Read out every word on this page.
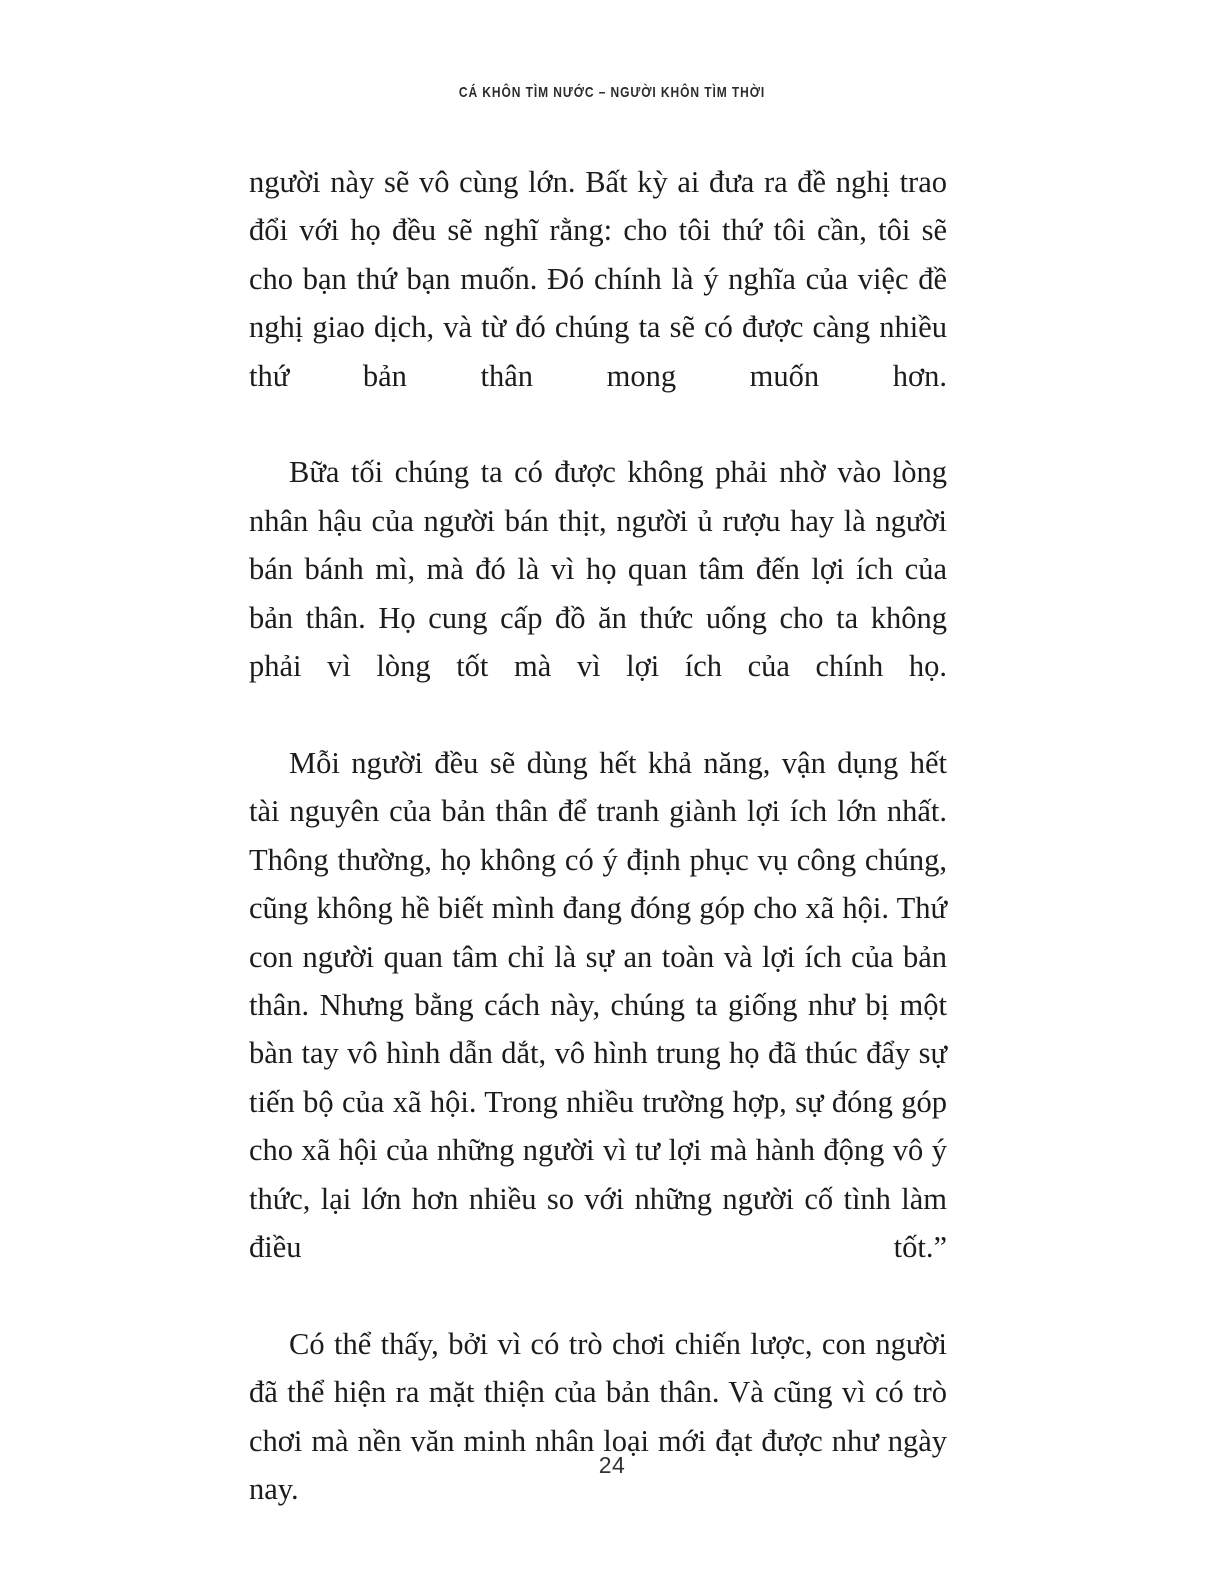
CÁ KHÔN TÌM NƯỚC – NGƯỜI KHÔN TÌM THỜI

người này sẽ vô cùng lớn. Bất kỳ ai đưa ra đề nghị trao đổi với họ đều sẽ nghĩ rằng: cho tôi thứ tôi cần, tôi sẽ cho bạn thứ bạn muốn. Đó chính là ý nghĩa của việc đề nghị giao dịch, và từ đó chúng ta sẽ có được càng nhiều thứ bản thân mong muốn hơn.

Bữa tối chúng ta có được không phải nhờ vào lòng nhân hậu của người bán thịt, người ủ rượu hay là người bán bánh mì, mà đó là vì họ quan tâm đến lợi ích của bản thân. Họ cung cấp đồ ăn thức uống cho ta không phải vì lòng tốt mà vì lợi ích của chính họ.

Mỗi người đều sẽ dùng hết khả năng, vận dụng hết tài nguyên của bản thân để tranh giành lợi ích lớn nhất. Thông thường, họ không có ý định phục vụ công chúng, cũng không hề biết mình đang đóng góp cho xã hội. Thứ con người quan tâm chỉ là sự an toàn và lợi ích của bản thân. Nhưng bằng cách này, chúng ta giống như bị một bàn tay vô hình dẫn dắt, vô hình trung họ đã thúc đẩy sự tiến bộ của xã hội. Trong nhiều trường hợp, sự đóng góp cho xã hội của những người vì tư lợi mà hành động vô ý thức, lại lớn hơn nhiều so với những người cố tình làm điều tốt.”

Có thể thấy, bởi vì có trò chơi chiến lược, con người đã thể hiện ra mặt thiện của bản thân. Và cũng vì có trò chơi mà nền văn minh nhân loại mới đạt được như ngày nay.

24
